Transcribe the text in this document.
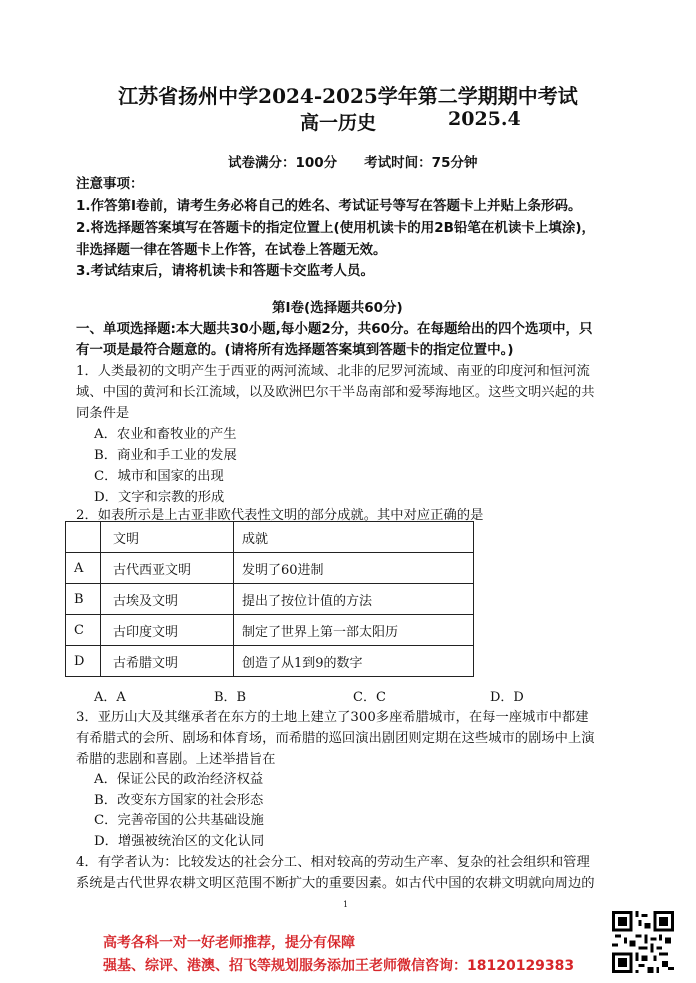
江苏省扬州中学2024-2025学年第二学期期中考试
高一历史	2025.4
试卷满分：100分　　考试时间：75分钟
注意事项：
1.作答第Ⅰ卷前，请考生务必将自己的姓名、考试证号等写在答题卡上并贴上条形码。
2.将选择题答案填写在答题卡的指定位置上(使用机读卡的用2B铅笔在机读卡上填涂)，
非选择题一律在答题卡上作答，在试卷上答题无效。
3.考试结束后，请将机读卡和答题卡交监考人员。
第Ⅰ卷(选择题共60分)
一、单项选择题:本大题共30小题,每小题2分，共60分。在每题给出的四个选项中，只
有一项是最符合题意的。(请将所有选择题答案填到答题卡的指定位置中。)
1．人类最初的文明产生于西亚的两河流域、北非的尼罗河流域、南亚的印度河和恒河流
域、中国的黄河和长江流域，以及欧洲巴尔干半岛南部和爱琴海地区。这些文明兴起的共
同条件是
A．农业和畜牧业的产生
B．商业和手工业的发展
C．城市和国家的出现
D．文字和宗教的形成
2．如表所示是上古亚非欧代表性文明的部分成就。其中对应正确的是
	文明	成就
A	古代西亚文明	发明了60进制
B	古埃及文明	提出了按位计值的方法
C	古印度文明	制定了世界上第一部太阳历
D	古希腊文明	创造了从1到9的数字
A．A	B．B	C．C	D．D
3．亚历山大及其继承者在东方的土地上建立了300多座希腊城市，在每一座城市中都建
有希腊式的会所、剧场和体育场，而希腊的巡回演出剧团则定期在这些城市的剧场中上演
希腊的悲剧和喜剧。上述举措旨在
A．保证公民的政治经济权益
B．改变东方国家的社会形态
C．完善帝国的公共基础设施
D．增强被统治区的文化认同
4．有学者认为：比较发达的社会分工、相对较高的劳动生产率、复杂的社会组织和管理
系统是古代世界农耕文明区范围不断扩大的重要因素。如古代中国的农耕文明就向周边的
1
高考各科一对一好老师推荐，提分有保障
强基、综评、港澳、招飞等规划服务添加王老师微信咨询：18120129383
